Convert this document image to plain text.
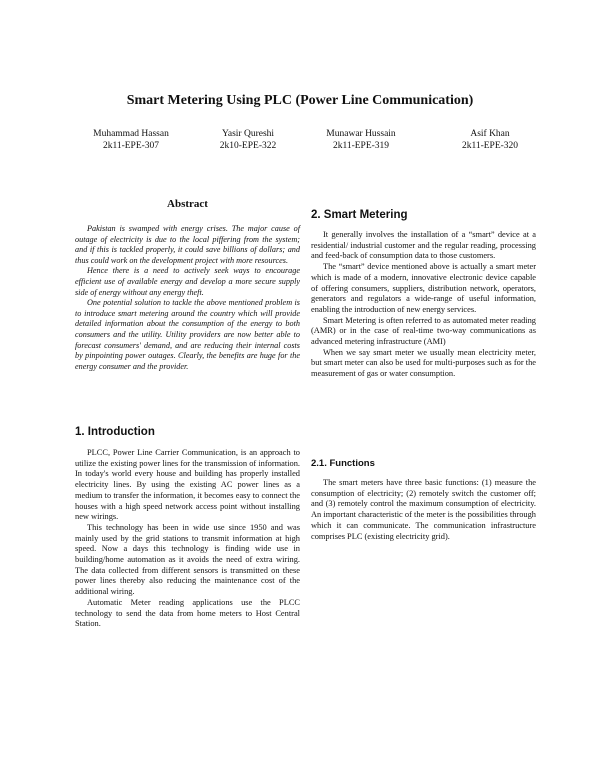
Smart Metering Using PLC (Power Line Communication)
Muhammad Hassan
2k11-EPE-307
Yasir Qureshi
2k10-EPE-322
Munawar Hussain
2k11-EPE-319
Asif Khan
2k11-EPE-320
Abstract

Pakistan is swamped with energy crises. The major cause of outage of electricity is due to the local piffering from the system; and if this is tackled properly, it could save billions of dollars; and thus could work on the development project with more resources.

Hence there is a need to actively seek ways to encourage efficient use of available energy and develop a more secure supply side of energy without any energy theft.

One potential solution to tackle the above mentioned problem is to introduce smart metering around the country which will provide detailed information about the consumption of the energy to both consumers and the utility. Utility providers are now better able to forecast consumers' demand, and are reducing their internal costs by pinpointing power outages. Clearly, the benefits are huge for the energy consumer and the provider.

1. Introduction

PLCC, Power Line Carrier Communication, is an approach to utilize the existing power lines for the transmission of information. In today's world every house and building has properly installed electricity lines. By using the existing AC power lines as a medium to transfer the information, it becomes easy to connect the houses with a high speed network access point without installing new wirings.

This technology has been in wide use since 1950 and was mainly used by the grid stations to transmit information at high speed. Now a days this technology is finding wide use in building/home automation as it avoids the need of extra wiring. The data collected from different sensors is transmitted on these power lines thereby also reducing the maintenance cost of the additional wiring.

Automatic Meter reading applications use the PLCC technology to send the data from home meters to Host Central Station.

2. Smart Metering

It generally involves the installation of a “smart” device at a residential/ industrial customer and the regular reading, processing and feed-back of consumption data to those customers.

The “smart” device mentioned above is actually a smart meter which is made of a modern, innovative electronic device capable of offering consumers, suppliers, distribution network, operators, generators and regulators a wide-range of useful information, enabling the introduction of new energy services.

Smart Metering is often referred to as automated meter reading (AMR) or in the case of real-time two-way communications as advanced metering infrastructure (AMI)

When we say smart meter we usually mean electricity meter, but smart meter can also be used for multi-purposes such as for the measurement of gas or water consumption.

2.1. Functions

The smart meters have three basic functions: (1) measure the consumption of electricity; (2) remotely switch the customer off; and (3) remotely control the maximum consumption of electricity. An important characteristic of the meter is the possibilities through which it can communicate. The communication infrastructure comprises PLC (existing electricity grid).
